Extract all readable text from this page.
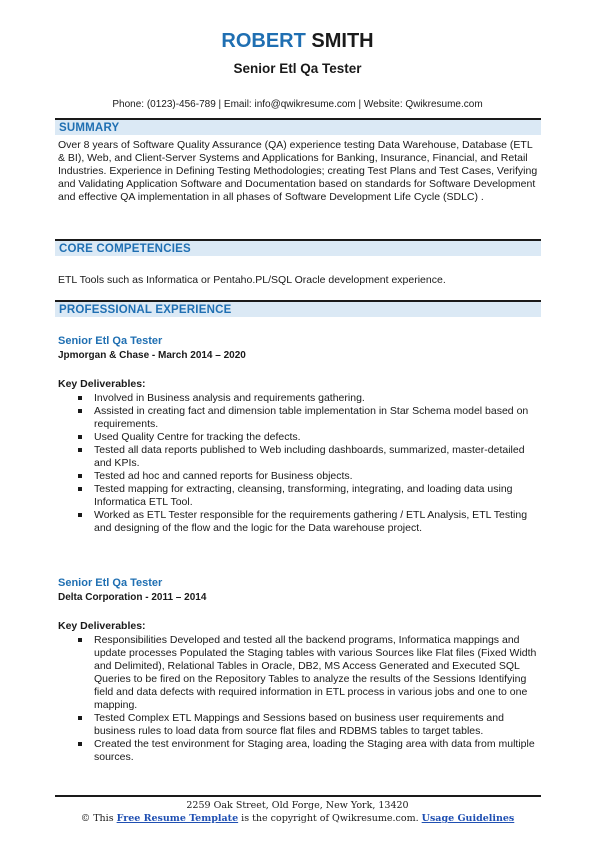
ROBERT SMITH
Senior Etl Qa Tester
Phone: (0123)-456-789 | Email: info@qwikresume.com | Website: Qwikresume.com
SUMMARY
Over 8 years of Software Quality Assurance (QA) experience testing Data Warehouse, Database (ETL & BI), Web, and Client-Server Systems and Applications for Banking, Insurance, Financial, and Retail Industries. Experience in Defining Testing Methodologies; creating Test Plans and Test Cases, Verifying and Validating Application Software and Documentation based on standards for Software Development and effective QA implementation in all phases of Software Development Life Cycle (SDLC) .
CORE COMPETENCIES
ETL Tools such as Informatica or Pentaho.PL/SQL Oracle development experience.
PROFESSIONAL EXPERIENCE
Senior Etl Qa Tester
Jpmorgan & Chase - March 2014 – 2020
Key Deliverables:
Involved in Business analysis and requirements gathering.
Assisted in creating fact and dimension table implementation in Star Schema model based on requirements.
Used Quality Centre for tracking the defects.
Tested all data reports published to Web including dashboards, summarized, master-detailed and KPIs.
Tested ad hoc and canned reports for Business objects.
Tested mapping for extracting, cleansing, transforming, integrating, and loading data using Informatica ETL Tool.
Worked as ETL Tester responsible for the requirements gathering / ETL Analysis, ETL Testing and designing of the flow and the logic for the Data warehouse project.
Senior Etl Qa Tester
Delta Corporation - 2011 – 2014
Key Deliverables:
Responsibilities Developed and tested all the backend programs, Informatica mappings and update processes Populated the Staging tables with various Sources like Flat files (Fixed Width and Delimited), Relational Tables in Oracle, DB2, MS Access Generated and Executed SQL Queries to be fired on the Repository Tables to analyze the results of the Sessions Identifying field and data defects with required information in ETL process in various jobs and one to one mapping.
Tested Complex ETL Mappings and Sessions based on business user requirements and business rules to load data from source flat files and RDBMS tables to target tables.
Created the test environment for Staging area, loading the Staging area with data from multiple sources.
2259 Oak Street, Old Forge, New York, 13420
© This Free Resume Template is the copyright of Qwikresume.com. Usage Guidelines
